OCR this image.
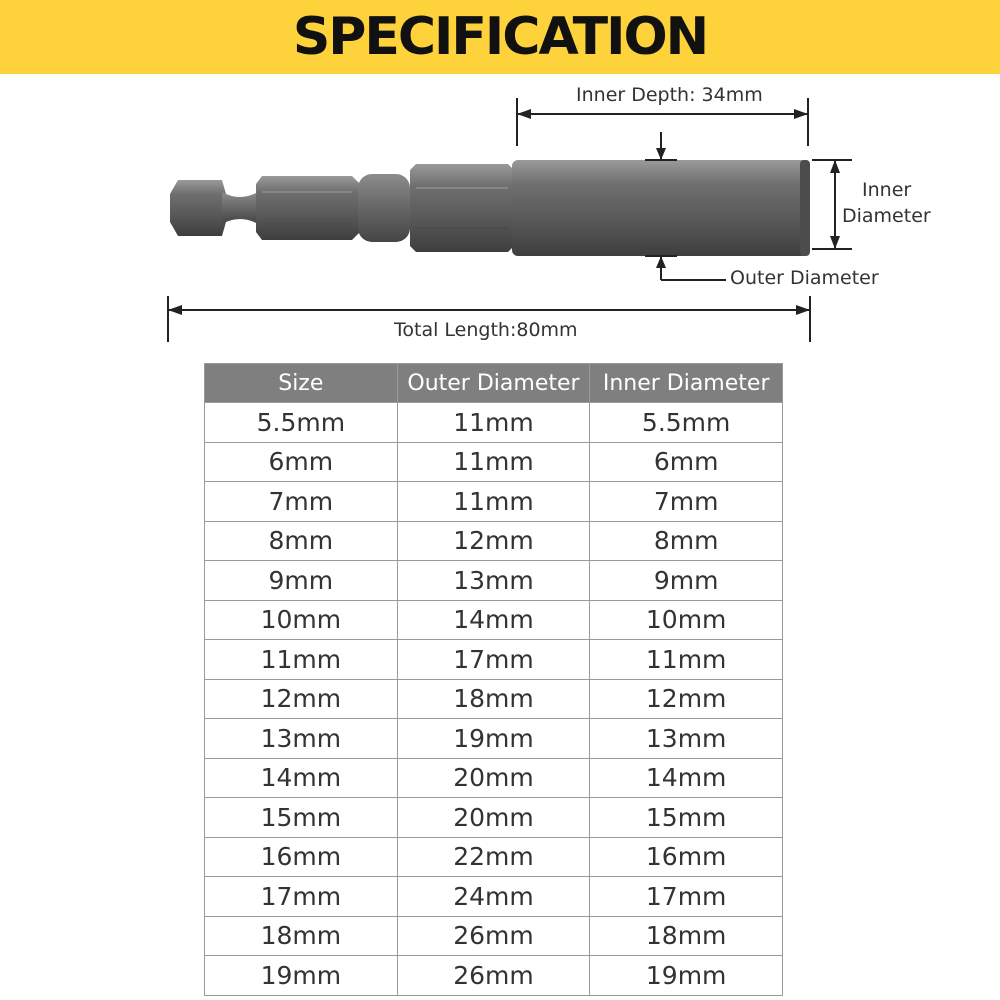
SPECIFICATION
Inner Depth: 34mm
Inner
Diameter
Outer Diameter
Total Length:80mm
Size	Outer Diameter	Inner Diameter
5.5mm	11mm	5.5mm
6mm	11mm	6mm
7mm	11mm	7mm
8mm	12mm	8mm
9mm	13mm	9mm
10mm	14mm	10mm
11mm	17mm	11mm
12mm	18mm	12mm
13mm	19mm	13mm
14mm	20mm	14mm
15mm	20mm	15mm
16mm	22mm	16mm
17mm	24mm	17mm
18mm	26mm	18mm
19mm	26mm	19mm
